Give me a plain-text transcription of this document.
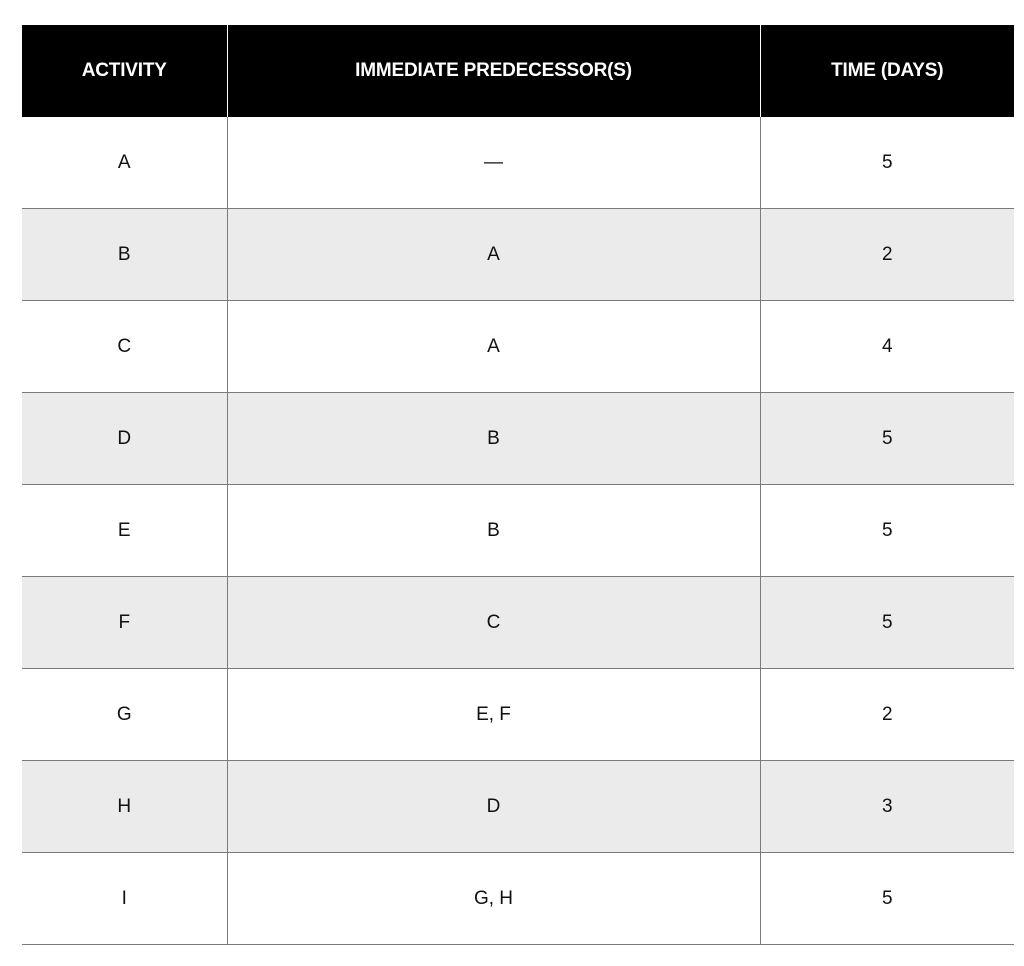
ACTIVITY	IMMEDIATE PREDECESSOR(S)	TIME (DAYS)
A	—	5
B	A	2
C	A	4
D	B	5
E	B	5
F	C	5
G	E, F	2
H	D	3
I	G, H	5
